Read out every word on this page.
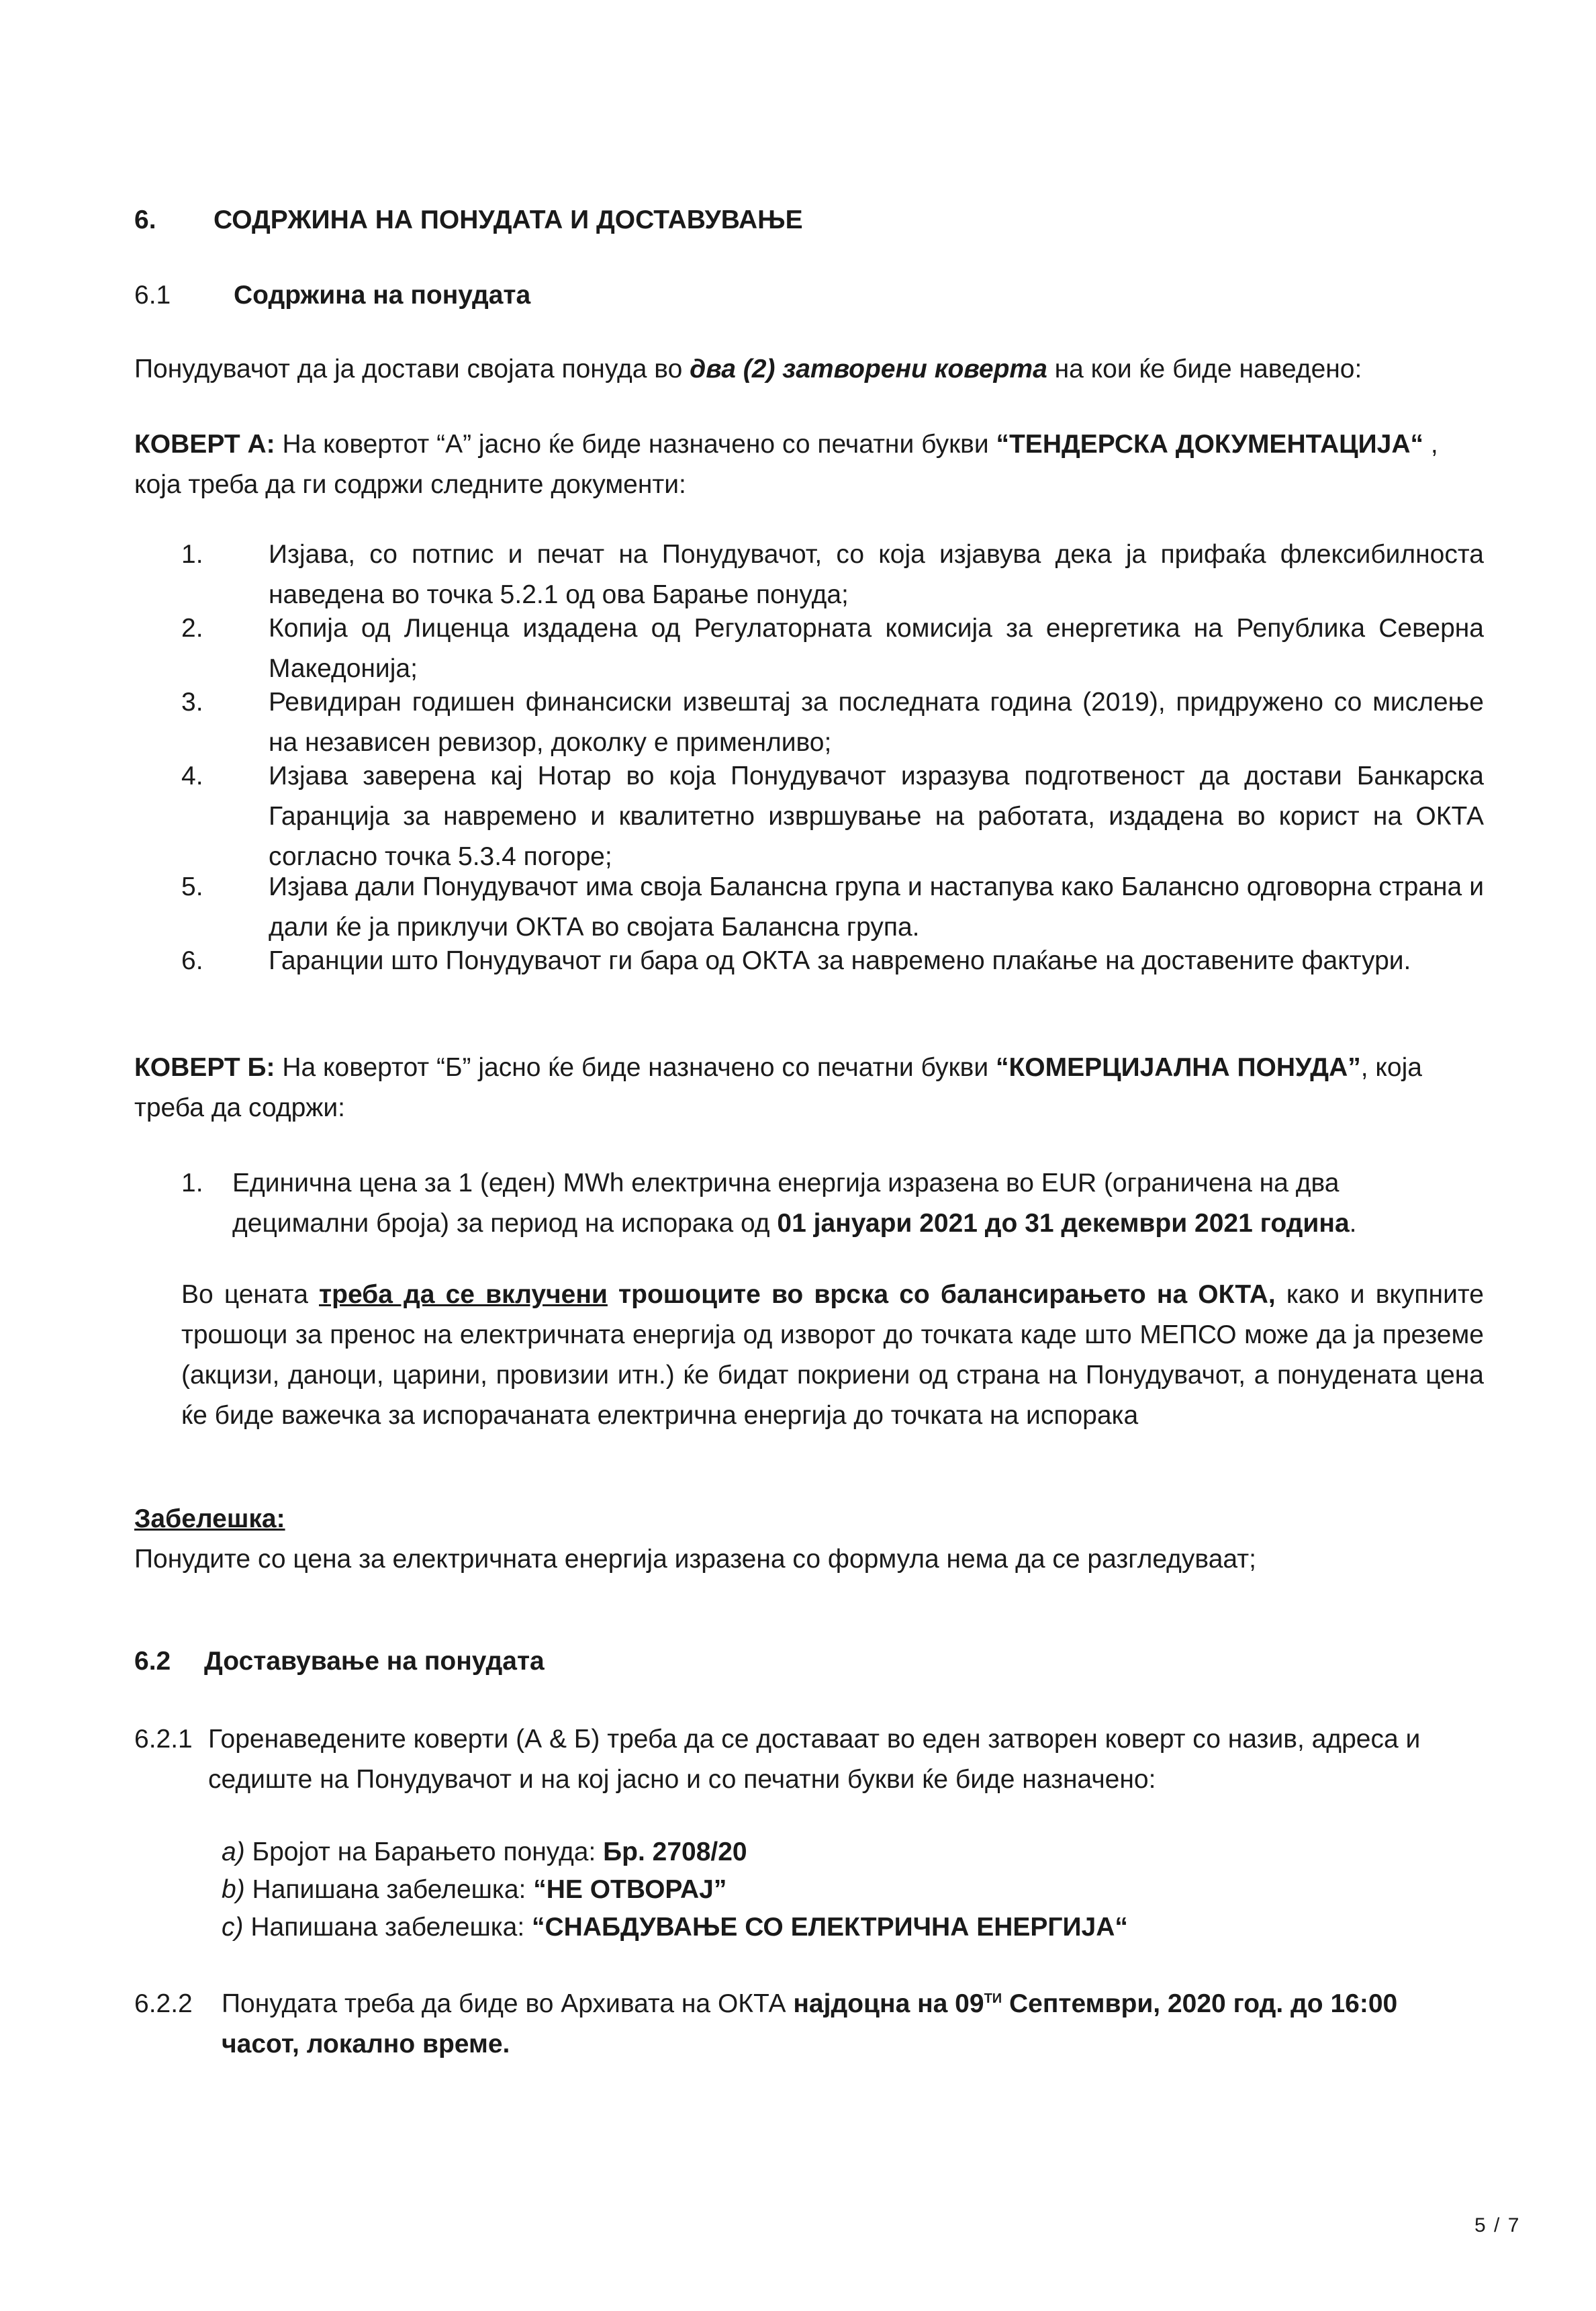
6. СОДРЖИНА НА ПОНУДАТА И ДОСТАВУВАЊЕ
6.1 Содржина на понудата
Понудувачот да ја достави својата понуда во два (2) затворени коверта на кои ќе биде наведено:
КОВЕРТ А: На ковертот “А” јасно ќе биде назначено со печатни букви “ТЕНДЕРСКА ДОКУМЕНТАЦИЈА“ ,
која треба да ги содржи следните документи:
1. Изјава, со потпис и печат на Понудувачот, со која изјавува дека ја прифаќа флексибилноста наведена во точка 5.2.1 од ова Барање понуда;
2. Копија од Лиценца издадена од Регулаторната комисија за енергетика на Република Северна Македонија;
3. Ревидиран годишен финансиски извештај за последната година (2019), придружено со мислење на независен ревизор, доколку е применливо;
4. Изјава заверена кај Нотар во која Понудувачот изразува подготвеност да достави Банкарска Гаранција за навремено и квалитетно извршување на работата, издадена во корист на ОКТА согласно точка 5.3.4 погоре;
5. Изјава дали Понудувачот има своја Балансна група и настапува како Балансно одговорна страна и дали ќе ја приклучи ОКТА во својата Балансна група.
6. Гаранции што Понудувачот ги бара од ОКТА за навремено плаќање на доставените фактури.
КОВЕРТ Б: На ковертот “Б” јасно ќе биде назначено со печатни букви “КОМЕРЦИЈАЛНА ПОНУДА”, која
треба да содржи:
1. Единична цена за 1 (еден) MWh електрична енергија изразена во EUR (ограничена на два
децимални броја) за период на испорака од 01 јануари 2021 до 31 декември 2021 година.
Во цената треба да се вклучени трошоците во врска со балансирањето на ОКТА, како и вкупните трошоци за пренос на електричната енергија од изворот до точката каде што МЕПСО може да ја преземе (акцизи, даноци, царини, провизии итн.) ќе бидат покриени од страна на Понудувачот, а понудената цена ќе биде важечка за испорачаната електрична енергија до точката на испорака
Забелешка:
Понудите со цена за електричната енергија изразена со формула нема да се разгледуваат;
6.2 Доставување на понудата
6.2.1 Горенаведените коверти (А & Б) треба да се доставаат во еден затворен коверт со назив, адреса и
седиште на Понудувачот и на кој јасно и со печатни букви ќе биде назначено:
a) Бројот на Барањето понуда: Бр. 2708/20
b) Напишана забелешка: “НЕ ОТВОРАЈ”
c) Напишана забелешка: “СНАБДУВАЊЕ СО ЕЛЕКТРИЧНА ЕНЕРГИЈА“
6.2.2 Понудата треба да биде во Архивата на ОКТА најдоцна на $09^{ТИ}$ Септември, 2020 год. до 16:00
часот, локално време.
5 / 7
